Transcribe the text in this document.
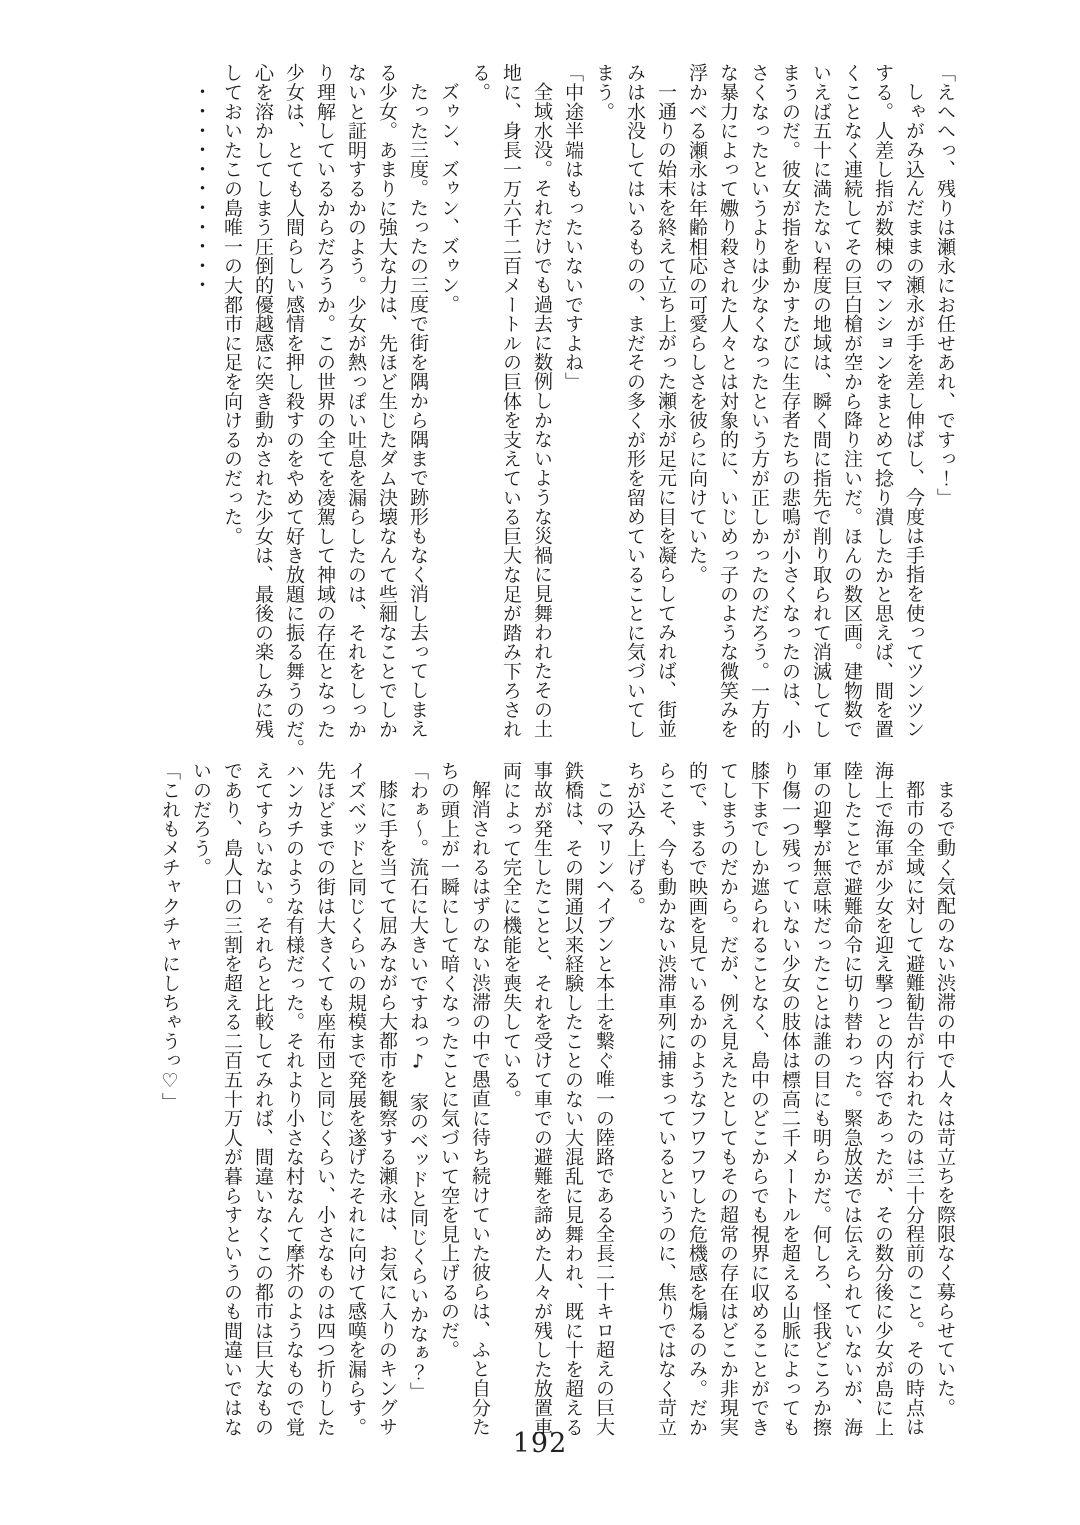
「えへへっ、残りは瀬永にお任せあれ、ですっ！」

しゃがみ込んだままの瀬永が手を差し伸ばし、今度は手指を使ってツンツン

する。人差し指が数棟のマンションをまとめて捻り潰したかと思えば、間を置

くことなく連続してその巨白槍が空から降り注いだ。ほんの数区画。建物数で

いえば五十に満たない程度の地域は、瞬く間に指先で削り取られて消滅してし

まうのだ。彼女が指を動かすたびに生存者たちの悲鳴が小さくなったのは、小

さくなったというよりは少なくなったという方が正しかったのだろう。一方的

な暴力によって嫐り殺された人々とは対象的に、いじめっ子のような微笑みを

浮かべる瀬永は年齢相応の可愛らしさを彼らに向けていた。

一通りの始末を終えて立ち上がった瀬永が足元に目を凝らしてみれば、街並

みは水没してはいるものの、まだその多くが形を留めていることに気づいてし

まう。

「中途半端はもったいないですよね」

全域水没。それだけでも過去に数例しかないような災禍に見舞われたその土

地に、身長一万六千二百メートルの巨体を支えている巨大な足が踏み下ろされ

る。

ズゥン、ズゥン、ズゥン。

たった三度。たったの三度で街を隅から隅まで跡形もなく消し去ってしまえ

る少女。あまりに強大な力は、先ほど生じたダム決壊なんて些細なことでしか

ないと証明するかのよう。少女が熱っぽい吐息を漏らしたのは、それをしっか

り理解しているからだろうか。この世界の全てを凌駕して神域の存在となった

少女は、とても人間らしい感情を押し殺すのをやめて好き放題に振る舞うのだ。

心を溶かしてしまう圧倒的優越感に突き動かされた少女は、最後の楽しみに残

しておいたこの島唯一の大都市に足を向けるのだった。

・・・・・・・・・・・

まるで動く気配のない渋滞の中で人々は苛立ちを際限なく募らせていた。

都市の全域に対して避難勧告が行われたのは三十分程前のこと。その時点は

海上で海軍が少女を迎え撃つとの内容であったが、その数分後に少女が島に上

陸したことで避難命令に切り替わった。緊急放送では伝えられていないが、海

軍の迎撃が無意味だったことは誰の目にも明らかだ。何しろ、怪我どころか擦

り傷一つ残っていない少女の肢体は標高二千メートルを超える山脈によっても

膝下までしか遮られることなく、島中のどこからでも視界に収めることができ

てしまうのだから。だが、例え見えたとしてもその超常の存在はどこか非現実

的で、まるで映画を見ているかのようなフワフワした危機感を煽るのみ。だか

らこそ、今も動かない渋滞車列に捕まっているというのに、焦りではなく苛立

ちが込み上げる。

このマリンヘイブンと本土を繋ぐ唯一の陸路である全長二十キロ超えの巨大

鉄橋は、その開通以来経験したことのない大混乱に見舞われ、既に十を超える

事故が発生したことと、それを受けて車での避難を諦めた人々が残した放置車

両によって完全に機能を喪失している。

解消されるはずのない渋滞の中で愚直に待ち続けていた彼らは、ふと自分た

ちの頭上が一瞬にして暗くなったことに気づいて空を見上げるのだ。

「わぁ〜。流石に大きいですねっ♪　家のベッドと同じくらいかなぁ？」

膝に手を当てて屈みながら大都市を観察する瀬永は、お気に入りのキングサ

イズベッドと同じくらいの規模まで発展を遂げたそれに向けて感嘆を漏らす。

先ほどまでの街は大きくても座布団と同じくらい、小さなものは四つ折りした

ハンカチのような有様だった。それより小さな村なんて摩芥のようなもので覚

えてすらいない。それらと比較してみれば、間違いなくこの都市は巨大なもの

であり、島人口の三割を超える二百五十万人が暮らすというのも間違いではな

いのだろう。

「これもメチャクチャにしちゃうっ♡」

192
